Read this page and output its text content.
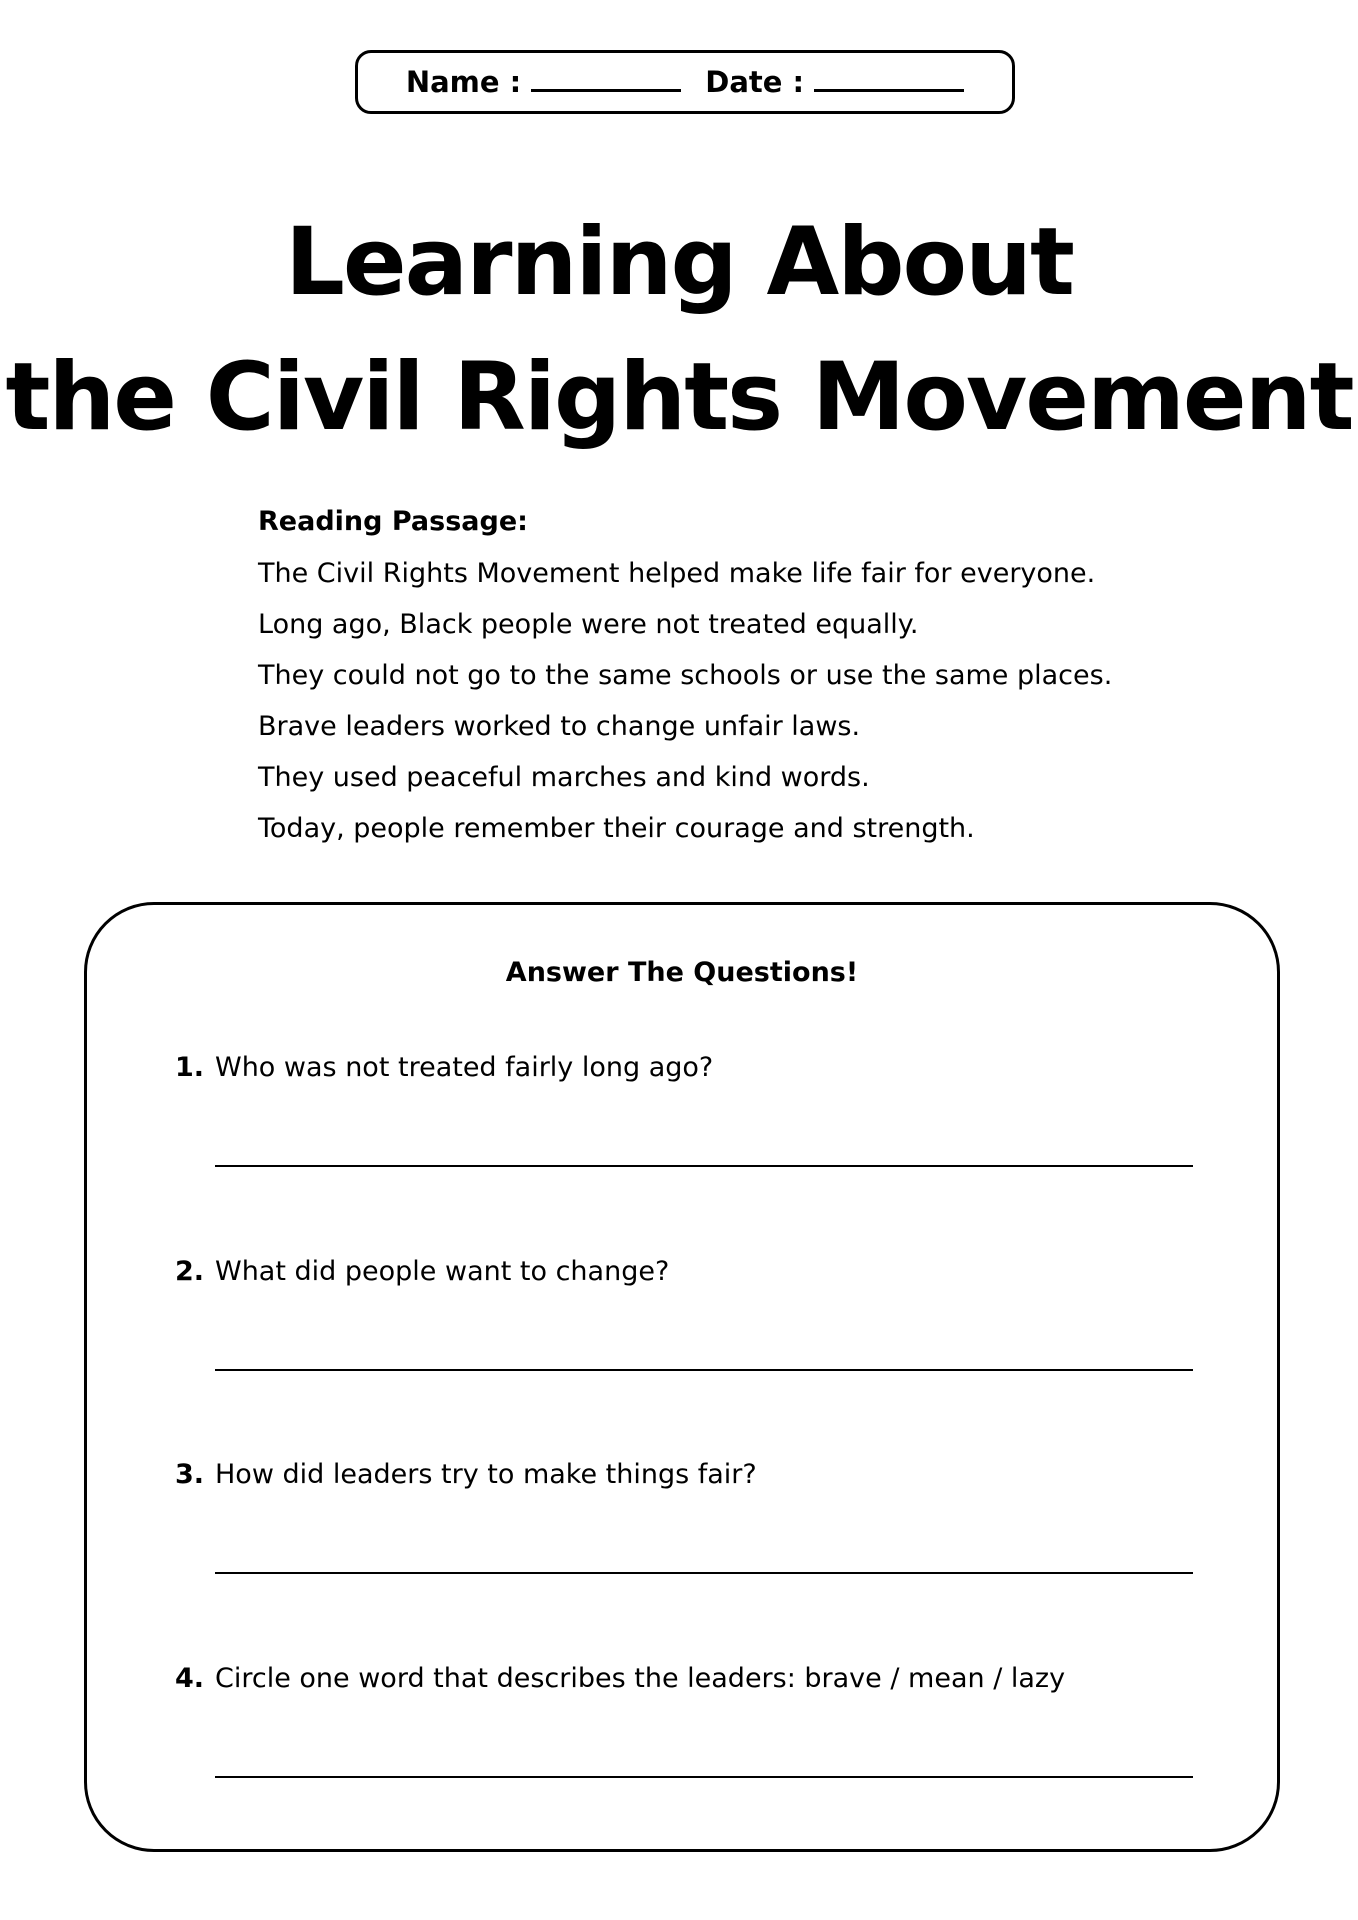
Name :	Date :
Learning About
the Civil Rights Movement
Reading Passage:
The Civil Rights Movement helped make life fair for everyone.
Long ago, Black people were not treated equally.
They could not go to the same schools or use the same places.
Brave leaders worked to change unfair laws.
They used peaceful marches and kind words.
Today, people remember their courage and strength.
Answer The Questions!
1. Who was not treated fairly long ago?
2. What did people want to change?
3. How did leaders try to make things fair?
4. Circle one word that describes the leaders: brave / mean / lazy
